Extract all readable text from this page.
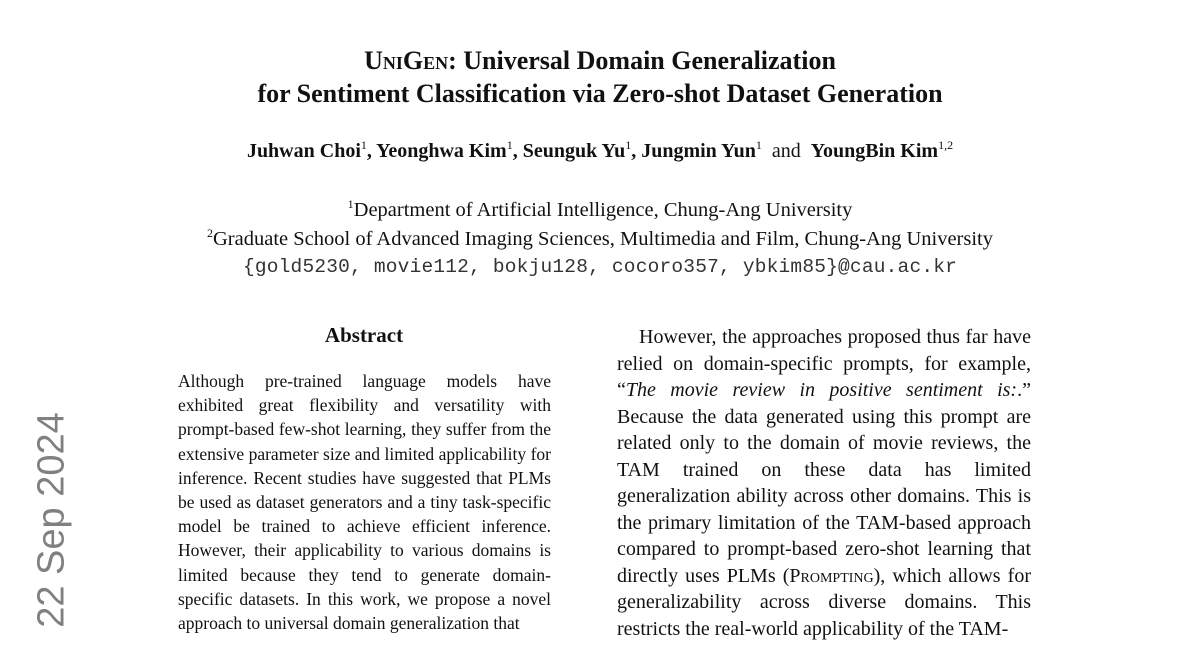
UniGen: Universal Domain Generalization
for Sentiment Classification via Zero-shot Dataset Generation
Juhwan Choi$^1$, Yeonghwa Kim$^1$, Seunguk Yu$^1$, Jungmin Yun$^1$  and  YoungBin Kim$^{1,2}$
$^1$Department of Artificial Intelligence, Chung-Ang University
$^2$Graduate School of Advanced Imaging Sciences, Multimedia and Film, Chung-Ang University
{gold5230, movie112, bokju128, cocoro357, ybkim85}@cau.ac.kr
22 Sep 2024
Abstract
Although pre-trained language models have exhibited great flexibility and versatility with prompt-based few-shot learning, they suffer from the extensive parameter size and limited applicability for inference. Recent studies have suggested that PLMs be used as dataset generators and a tiny task-specific model be trained to achieve efficient inference. However, their applicability to various domains is limited because they tend to generate domain-specific datasets. In this work, we propose a novel approach to universal domain generalization that

However, the approaches proposed thus far have relied on domain-specific prompts, for example, “The movie review in positive sentiment is:.” Because the data generated using this prompt are related only to the domain of movie reviews, the TAM trained on these data has limited generalization ability across other domains. This is the primary limitation of the TAM-based approach compared to prompt-based zero-shot learning that directly uses PLMs (Prompting), which allows for generalizability across diverse domains. This restricts the real-world applicability of the TAM-
